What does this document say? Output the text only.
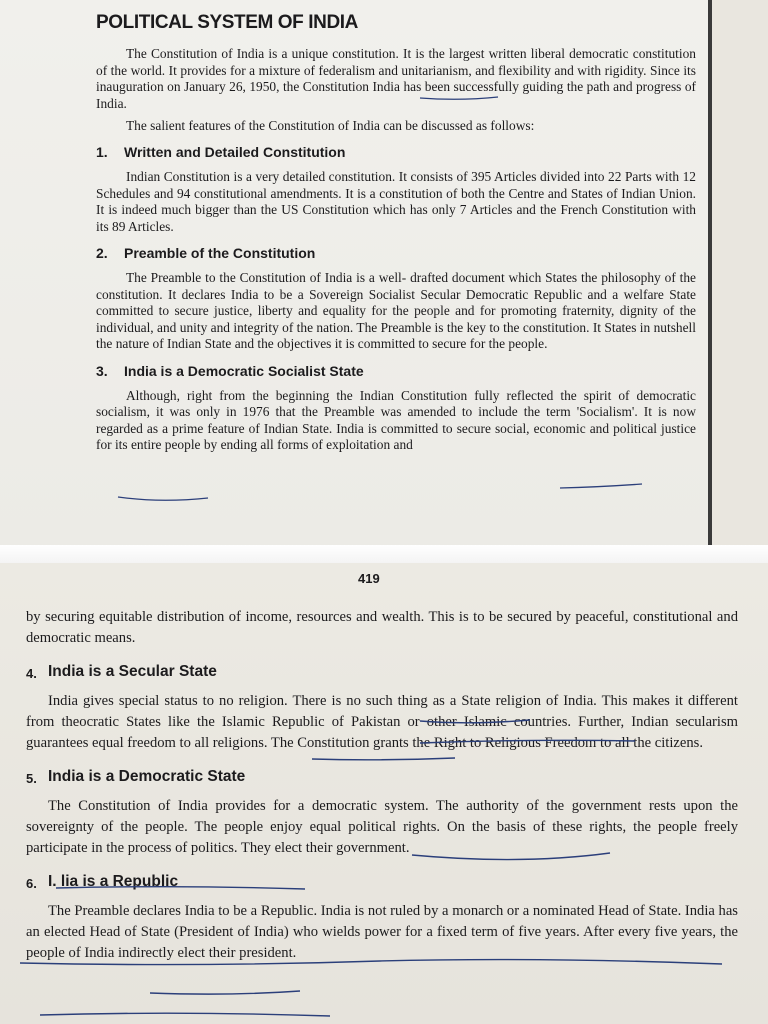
POLITICAL SYSTEM OF INDIA

The Constitution of India is a unique constitution. It is the largest written liberal democratic constitution of the world. It provides for a mixture of federalism and unitarianism, and flexibility and with rigidity. Since its inauguration on January 26, 1950, the Constitution India has been successfully guiding the path and progress of India.

The salient features of the Constitution of India can be discussed as follows:

1.	Written and Detailed Constitution

Indian Constitution is a very detailed constitution. It consists of 395 Articles divided into 22 Parts with 12 Schedules and 94 constitutional amendments. It is a constitution of both the Centre and States of Indian Union. It is indeed much bigger than the US Constitution which has only 7 Articles and the French Constitution with its 89 Articles.

2.	Preamble of the Constitution

The Preamble to the Constitution of India is a well- drafted document which States the philosophy of the constitution. It declares India to be a Sovereign Socialist Secular Democratic Republic and a welfare State committed to secure justice, liberty and equality for the people and for promoting fraternity, dignity of the individual, and unity and integrity of the nation. The Preamble is the key to the constitution. It States in nutshell the nature of Indian State and the objectives it is committed to secure for the people.

3.	India is a Democratic Socialist State

Although, right from the beginning the Indian Constitution fully reflected the spirit of democratic socialism, it was only in 1976 that the Preamble was amended to include the term 'Socialism'. It is now regarded as a prime feature of Indian State. India is committed to secure social, economic and political justice for its entire people by ending all forms of exploitation and

419

by securing equitable distribution of income, resources and wealth. This is to be secured by peaceful, constitutional and democratic means.

4. India is a Secular State

India gives special status to no religion. There is no such thing as a State religion of India. This makes it different from theocratic States like the Islamic Republic of Pakistan or other Islamic countries. Further, Indian secularism guarantees equal freedom to all religions. The Constitution grants the Right to Religious Freedom to all the citizens.

5. India is a Democratic State

The Constitution of India provides for a democratic system. The authority of the government rests upon the sovereignty of the people. The people enjoy equal political rights. On the basis of these rights, the people freely participate in the process of politics. They elect their government.

6. I. lia is a Republic

The Preamble declares India to be a Republic. India is not ruled by a monarch or a nominated Head of State. India has an elected Head of State (President of India) who wields power for a fixed term of five years. After every five years, the people of India indirectly elect their president.
